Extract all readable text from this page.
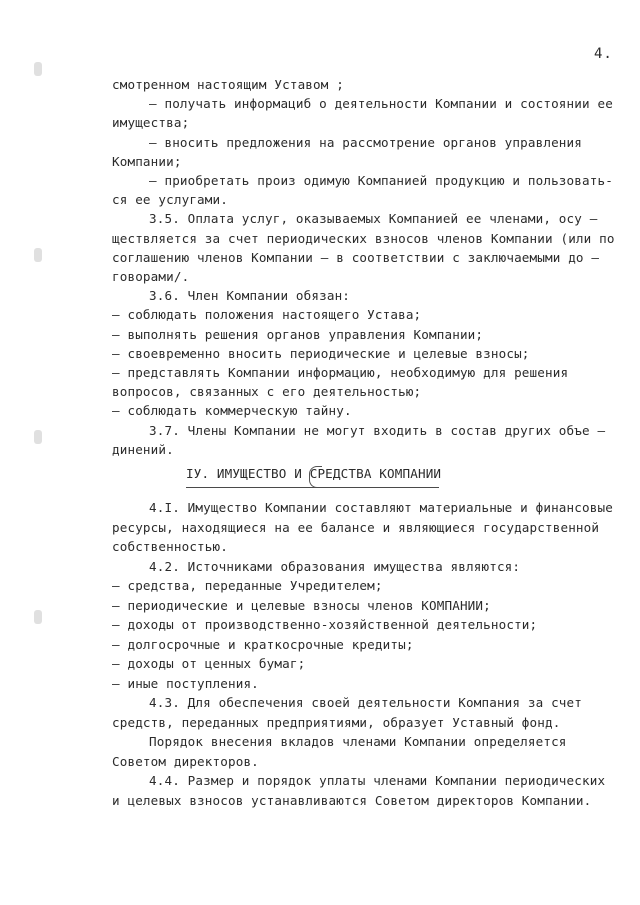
4.
смотренном настоящим Уставом ;
– получать информациб о деятельности Компании и состоянии ее
имущества;
– вносить предложения на рассмотрение органов управления
Компании;
– приобретать произ одимую Компанией продукцию и пользовать-
ся ее услугами.
3.5. Оплата услуг, оказываемых Компанией ее членами, осу –
ществляется за счет периодических взносов членов Компании (или по
соглашению членов Компании – в соответствии с заключаемыми до –
говорами/.
3.6. Член Компании обязан:
– соблюдать положения настоящего Устава;
– выполнять решения органов управления Компании;
– своевременно вносить периодические и целевые взносы;
– представлять Компании информацию, необходимую для решения
вопросов, связанных с его деятельностью;
– соблюдать коммерческую тайну.
3.7. Члены Компании не могут входить в состав других объе –
динений.
IУ. ИМУЩЕСТВО И СРЕДСТВА КОМПАНИИ
4.I. Имущество Компании составляют материальные и финансовые
ресурсы, находящиеся на ее балансе и являющиеся государственной
собственностью.
4.2. Источниками образования имущества являются:
– средства, переданные Учредителем;
– периодические и целевые взносы членов КОМПАНИИ;
– доходы от производственно-хозяйственной деятельности;
– долгосрочные и краткосрочные кредиты;
– доходы от ценных бумаг;
– иные поступления.
4.3. Для обеспечения своей деятельности Компания за счет
средств, переданных предприятиями, образует Уставный фонд.
Порядок внесения вкладов членами Компании определяется
Советом директоров.
4.4. Размер и порядок уплаты членами Компании периодических
и целевых взносов устанавливаются Советом директоров Компании.
